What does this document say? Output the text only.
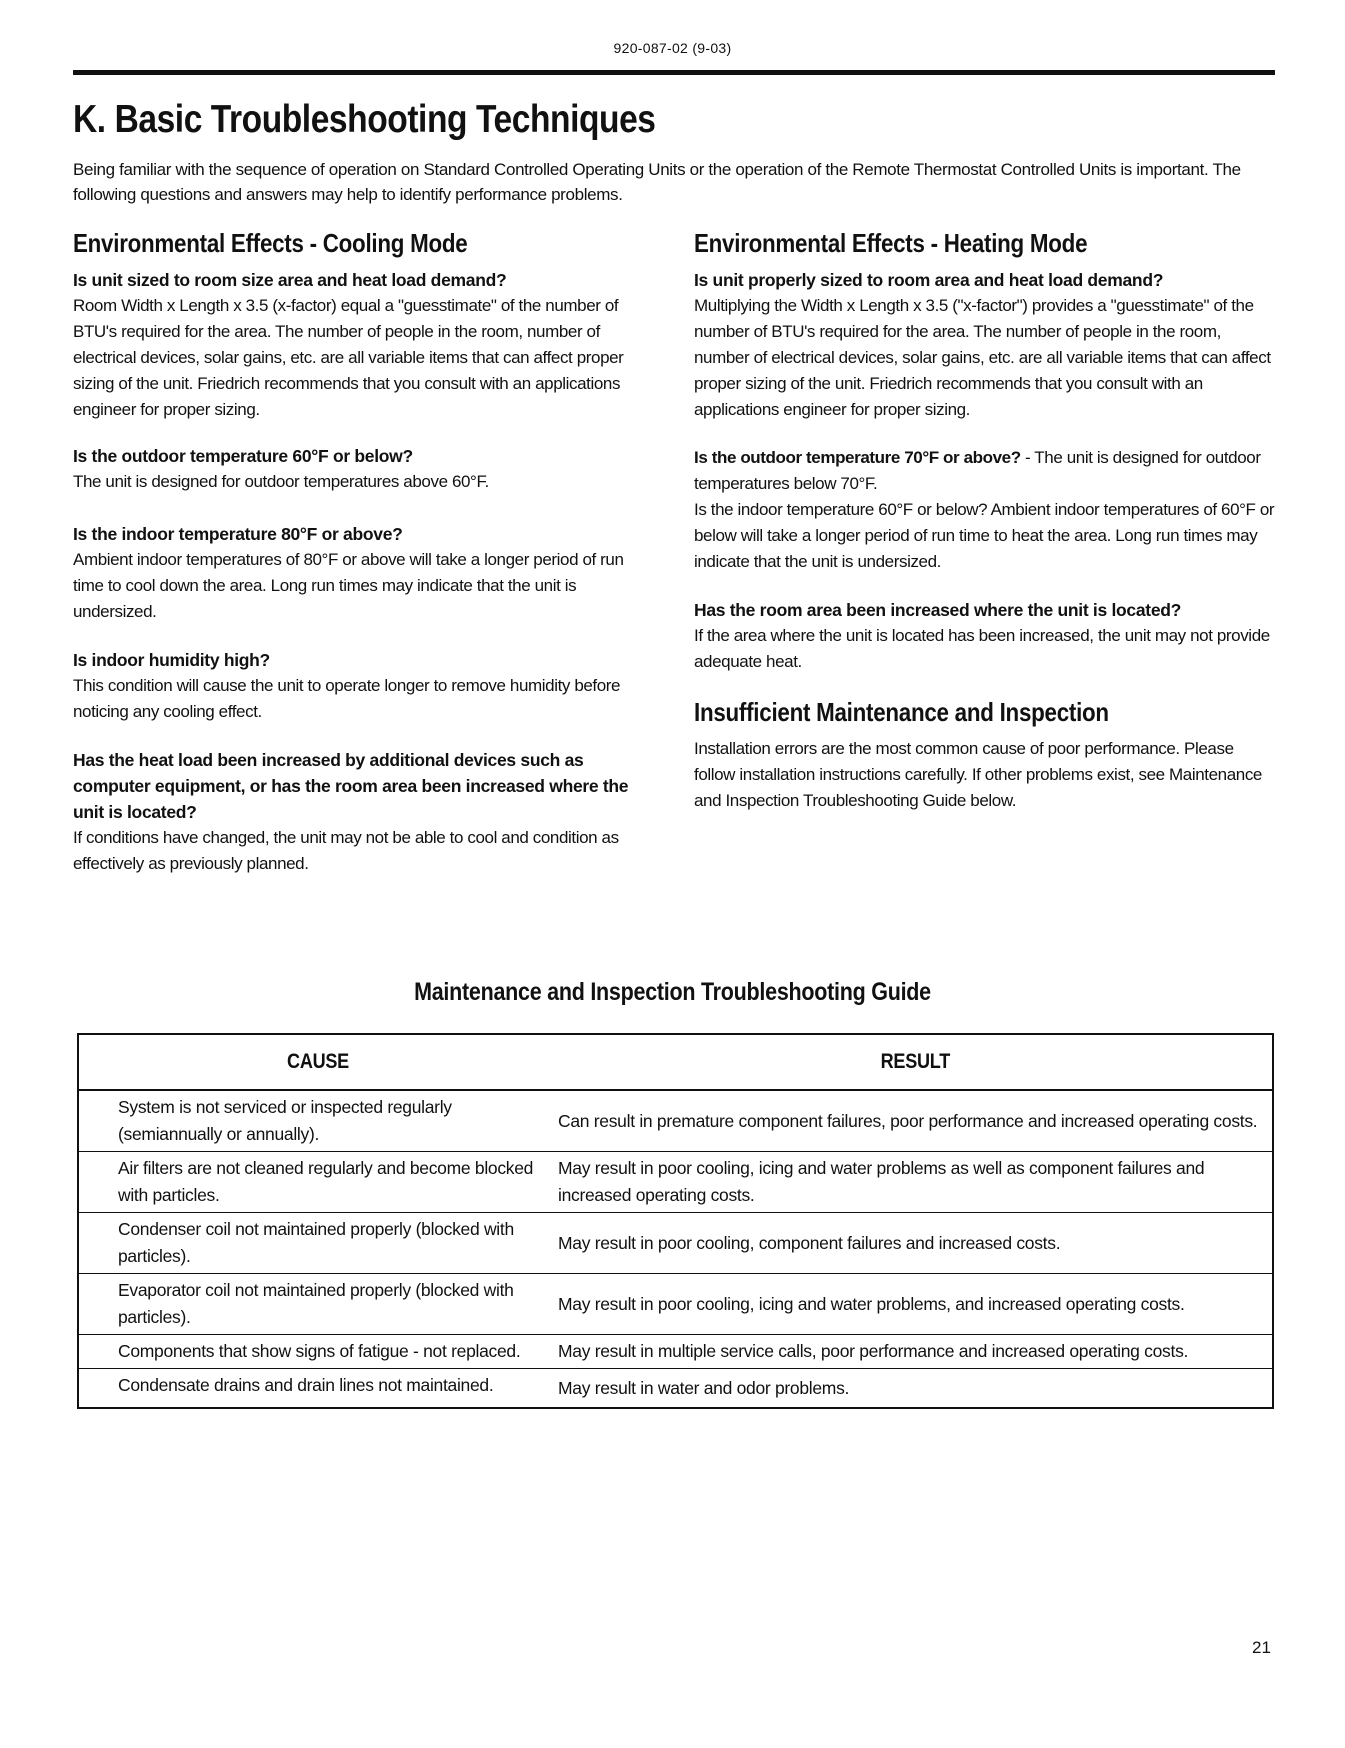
920-087-02 (9-03)
K. Basic Troubleshooting Techniques

Being familiar with the sequence of operation on Standard Controlled Operating Units or the operation of the Remote Thermostat Controlled Units is important. The following questions and answers may help to identify performance problems.

Environmental Effects - Cooling Mode

Is unit sized to room size area and heat load demand?

Room Width x Length x 3.5 (x-factor) equal a "guesstimate" of the number of BTU's required for the area. The number of people in the room, number of electrical devices, solar gains, etc. are all variable items that can affect proper sizing of the unit. Friedrich recommends that you consult with an applications engineer for proper sizing.

Is the outdoor temperature 60°F or below?

The unit is designed for outdoor temperatures above 60°F.

Is the indoor temperature 80°F or above?

Ambient indoor temperatures of 80°F or above will take a longer period of run time to cool down the area. Long run times may indicate that the unit is undersized.

Is indoor humidity high?

This condition will cause the unit to operate longer to remove humidity before noticing any cooling effect.

Has the heat load been increased by additional devices such as computer equipment, or has the room area been increased where the unit is located?

If conditions have changed, the unit may not be able to cool and condition as effectively as previously planned.

Environmental Effects - Heating Mode

Is unit properly sized to room area and heat load demand?

Multiplying the Width x Length x 3.5 ("x-factor") provides a "guesstimate" of the number of BTU's required for the area. The number of people in the room, number of electrical devices, solar gains, etc. are all variable items that can affect proper sizing of the unit. Friedrich recommends that you consult with an applications engineer for proper sizing.

Is the outdoor temperature 70°F or above? - The unit is designed for outdoor temperatures below 70°F.

Is the indoor temperature 60°F or below? Ambient indoor temperatures of 60°F or below will take a longer period of run time to heat the area. Long run times may indicate that the unit is undersized.

Has the room area been increased where the unit is located?

If the area where the unit is located has been increased, the unit may not provide adequate heat.

Insufficient Maintenance and Inspection

Installation errors are the most common cause of poor performance. Please follow installation instructions carefully. If other problems exist, see Maintenance and Inspection Troubleshooting Guide below.

Maintenance and Inspection Troubleshooting Guide
CAUSE	RESULT
System is not serviced or inspected regularly (semiannually or annually).	Can result in premature component failures, poor performance and increased operating costs.
Air filters are not cleaned regularly and become blocked with particles.	May result in poor cooling, icing and water problems as well as component failures and increased operating costs.
Condenser coil not maintained properly (blocked with particles).	May result in poor cooling, component failures and increased costs.
Evaporator coil not maintained properly (blocked with particles).	May result in poor cooling, icing and water problems, and increased operating costs.
Components that show signs of fatigue - not replaced.	May result in multiple service calls, poor performance and increased operating costs.
Condensate drains and drain lines not maintained.	May result in water and odor problems.
21
